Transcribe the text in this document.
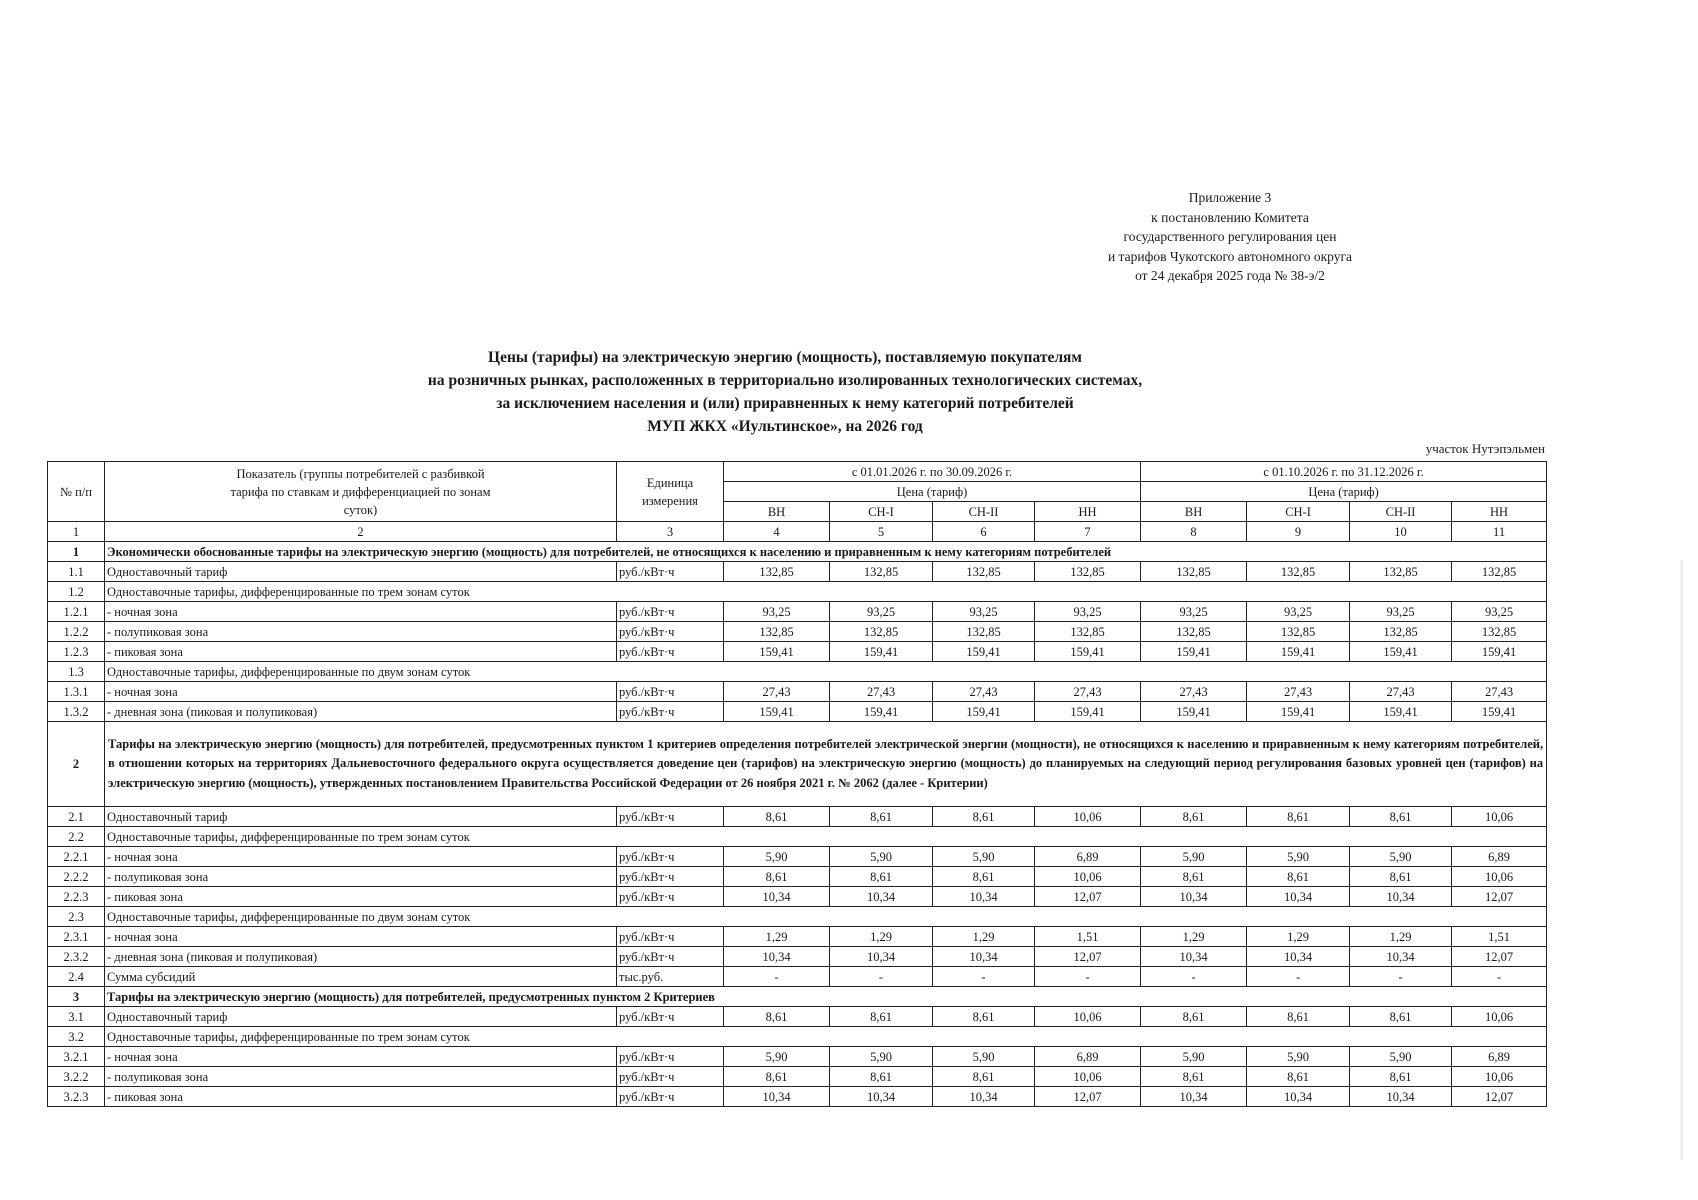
Приложение 3
к постановлению Комитета
государственного регулирования цен
и тарифов Чукотского автономного округа
от 24 декабря 2025 года № 38-э/2
Цены (тарифы) на электрическую энергию (мощность), поставляемую покупателям
на розничных рынках, расположенных в территориально изолированных технологических системах,
за исключением населения и (или) приравненных к нему категорий потребителей
МУП ЖКХ «Иультинское», на 2026 год
участок Нутэпэльмен
№ п/п	Показатель (группы потребителей с разбивкой тарифа по ставкам и дифференциацией по зонам суток)	Единица измерения	с 01.01.2026 г. по 30.09.2026 г.				с 01.10.2026 г. по 31.12.2026 г.			
			Цена (тариф)				Цена (тариф)			
			ВН	СН-I	СН-II	НН	ВН	СН-I	СН-II	НН
1	2	3	4	5	6	7	8	9	10	11
1	Экономически обоснованные тарифы на электрическую энергию (мощность) для потребителей, не относящихся к населению и приравненным к нему категориям потребителей									
1.1	Одноставочный тариф	руб./кВт·ч	132,85	132,85	132,85	132,85	132,85	132,85	132,85	132,85
1.2	Одноставочные тарифы, дифференцированные по трем зонам суток									
1.2.1	- ночная зона	руб./кВт·ч	93,25	93,25	93,25	93,25	93,25	93,25	93,25	93,25
1.2.2	- полупиковая зона	руб./кВт·ч	132,85	132,85	132,85	132,85	132,85	132,85	132,85	132,85
1.2.3	- пиковая зона	руб./кВт·ч	159,41	159,41	159,41	159,41	159,41	159,41	159,41	159,41
1.3	Одноставочные тарифы, дифференцированные по двум зонам суток									
1.3.1	- ночная зона	руб./кВт·ч	27,43	27,43	27,43	27,43	27,43	27,43	27,43	27,43
1.3.2	- дневная зона (пиковая и полупиковая)	руб./кВт·ч	159,41	159,41	159,41	159,41	159,41	159,41	159,41	159,41
2	Тарифы на электрическую энергию (мощность) для потребителей, предусмотренных пунктом 1 критериев определения потребителей электрической энергии (мощности), не относящихся к населению и приравненным к нему категориям потребителей, в отношении которых на территориях Дальневосточного федерального округа осуществляется доведение цен (тарифов) на электрическую энергию (мощность) до планируемых на следующий период регулирования базовых уровней цен (тарифов) на электрическую энергию (мощность), утвержденных постановлением Правительства Российской Федерации от 26 ноября 2021 г. № 2062 (далее - Критерии)									
2.1	Одноставочный тариф	руб./кВт·ч	8,61	8,61	8,61	10,06	8,61	8,61	8,61	10,06
2.2	Одноставочные тарифы, дифференцированные по трем зонам суток									
2.2.1	- ночная зона	руб./кВт·ч	5,90	5,90	5,90	6,89	5,90	5,90	5,90	6,89
2.2.2	- полупиковая зона	руб./кВт·ч	8,61	8,61	8,61	10,06	8,61	8,61	8,61	10,06
2.2.3	- пиковая зона	руб./кВт·ч	10,34	10,34	10,34	12,07	10,34	10,34	10,34	12,07
2.3	Одноставочные тарифы, дифференцированные по двум зонам суток									
2.3.1	- ночная зона	руб./кВт·ч	1,29	1,29	1,29	1,51	1,29	1,29	1,29	1,51
2.3.2	- дневная зона (пиковая и полупиковая)	руб./кВт·ч	10,34	10,34	10,34	12,07	10,34	10,34	10,34	12,07
2.4	Сумма субсидий	тыс.руб.	-	-	-	-	-	-	-	-
3	Тарифы на электрическую энергию (мощность) для потребителей, предусмотренных пунктом 2 Критериев									
3.1	Одноставочный тариф	руб./кВт·ч	8,61	8,61	8,61	10,06	8,61	8,61	8,61	10,06
3.2	Одноставочные тарифы, дифференцированные по трем зонам суток									
3.2.1	- ночная зона	руб./кВт·ч	5,90	5,90	5,90	6,89	5,90	5,90	5,90	6,89
3.2.2	- полупиковая зона	руб./кВт·ч	8,61	8,61	8,61	10,06	8,61	8,61	8,61	10,06
3.2.3	- пиковая зона	руб./кВт·ч	10,34	10,34	10,34	12,07	10,34	10,34	10,34	12,07
